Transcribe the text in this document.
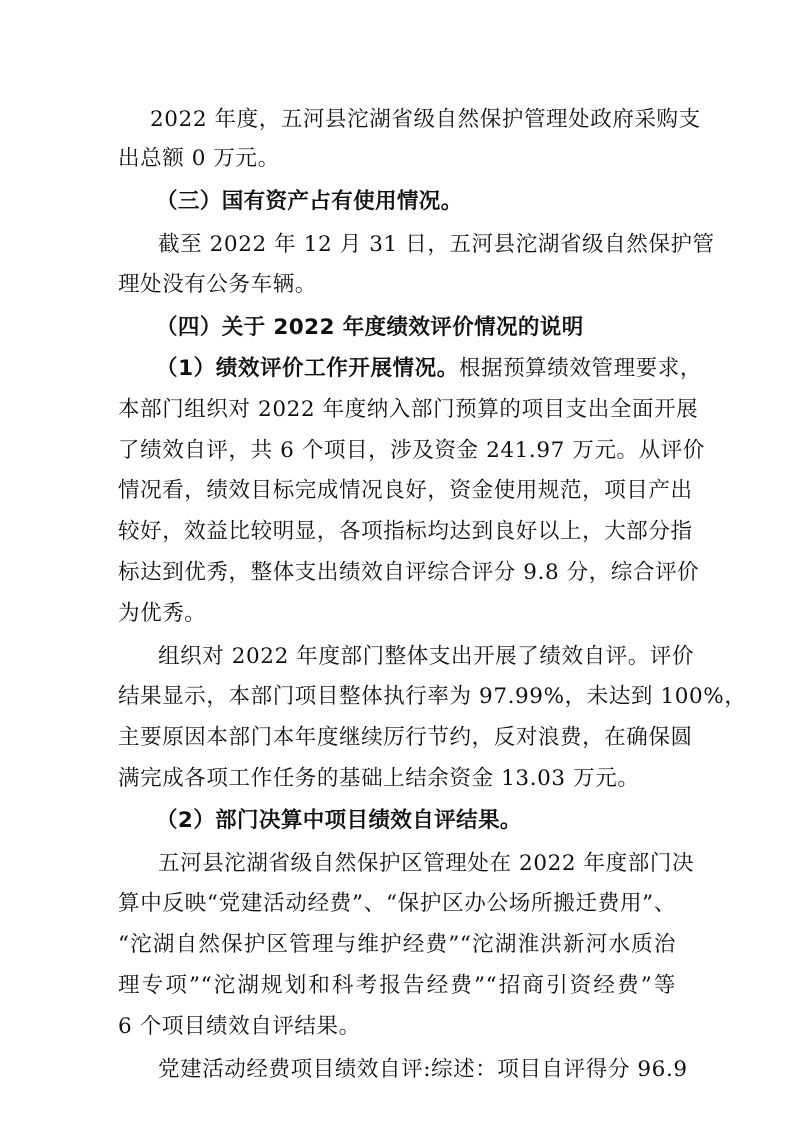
2022 年度，五河县沱湖省级自然保护管理处政府采购支
出总额 0 万元。
（三）国有资产占有使用情况。
截至 2022 年 12 月 31 日，五河县沱湖省级自然保护管
理处没有公务车辆。
（四）关于 2022 年度绩效评价情况的说明
（1）绩效评价工作开展情况。根据预算绩效管理要求，
本部门组织对 2022 年度纳入部门预算的项目支出全面开展
了绩效自评，共 6 个项目，涉及资金 241.97 万元。从评价
情况看，绩效目标完成情况良好，资金使用规范，项目产出
较好，效益比较明显，各项指标均达到良好以上，大部分指
标达到优秀，整体支出绩效自评综合评分 9.8 分，综合评价
为优秀。
组织对 2022 年度部门整体支出开展了绩效自评。评价
结果显示，本部门项目整体执行率为 97.99%，未达到 100%，
主要原因本部门本年度继续厉行节约，反对浪费，在确保圆
满完成各项工作任务的基础上结余资金 13.03 万元。
（2）部门决算中项目绩效自评结果。
五河县沱湖省级自然保护区管理处在 2022 年度部门决
算中反映“党建活动经费”、“保护区办公场所搬迁费用”、
“沱湖自然保护区管理与维护经费”“沱湖淮洪新河水质治
理专项”“沱湖规划和科考报告经费”“招商引资经费”等
6 个项目绩效自评结果。
党建活动经费项目绩效自评:综述：项目自评得分 96.9
